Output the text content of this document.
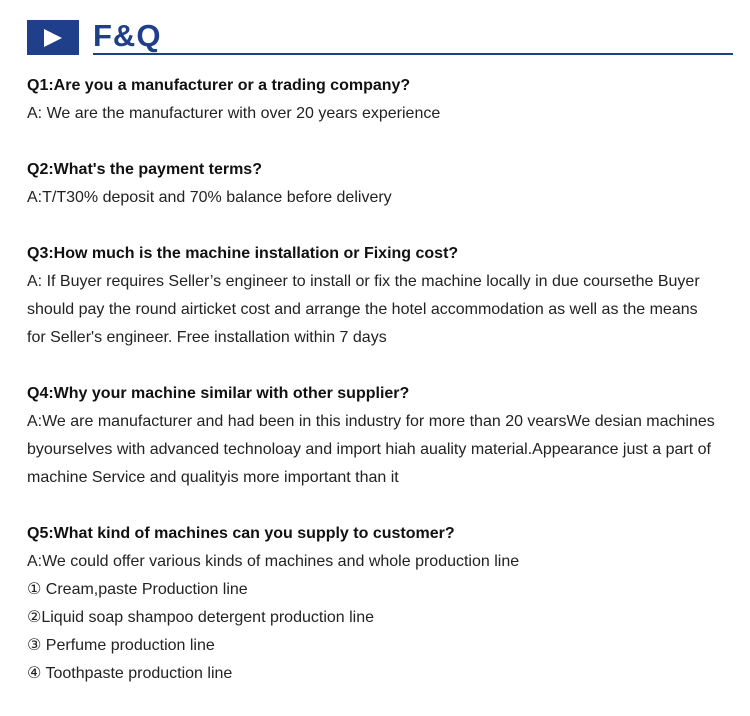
F&Q
Q1:Are you a manufacturer or a trading company?
A: We are the manufacturer with over 20 years experience
Q2:What's the payment terms?
A:T/T30% deposit and 70% balance before delivery
Q3:How much is the machine installation or Fixing cost?
A: If Buyer requires Seller’s engineer to install or fix the machine locally in due coursethe Buyer
should pay the round airticket cost and arrange the hotel accommodation as well as the means
for Seller's engineer. Free installation within 7 days
Q4:Why your machine similar with other supplier?
A:We are manufacturer and had been in this industry for more than 20 vearsWe desian machines
byourselves with advanced technoloay and import hiah auality material.Appearance just a part of
machine Service and qualityis more important than it
Q5:What kind of machines can you supply to customer?
A:We could offer various kinds of machines and whole production line
① Cream,paste Production line
②Liquid soap shampoo detergent production line
③ Perfume production line
④ Toothpaste production line
